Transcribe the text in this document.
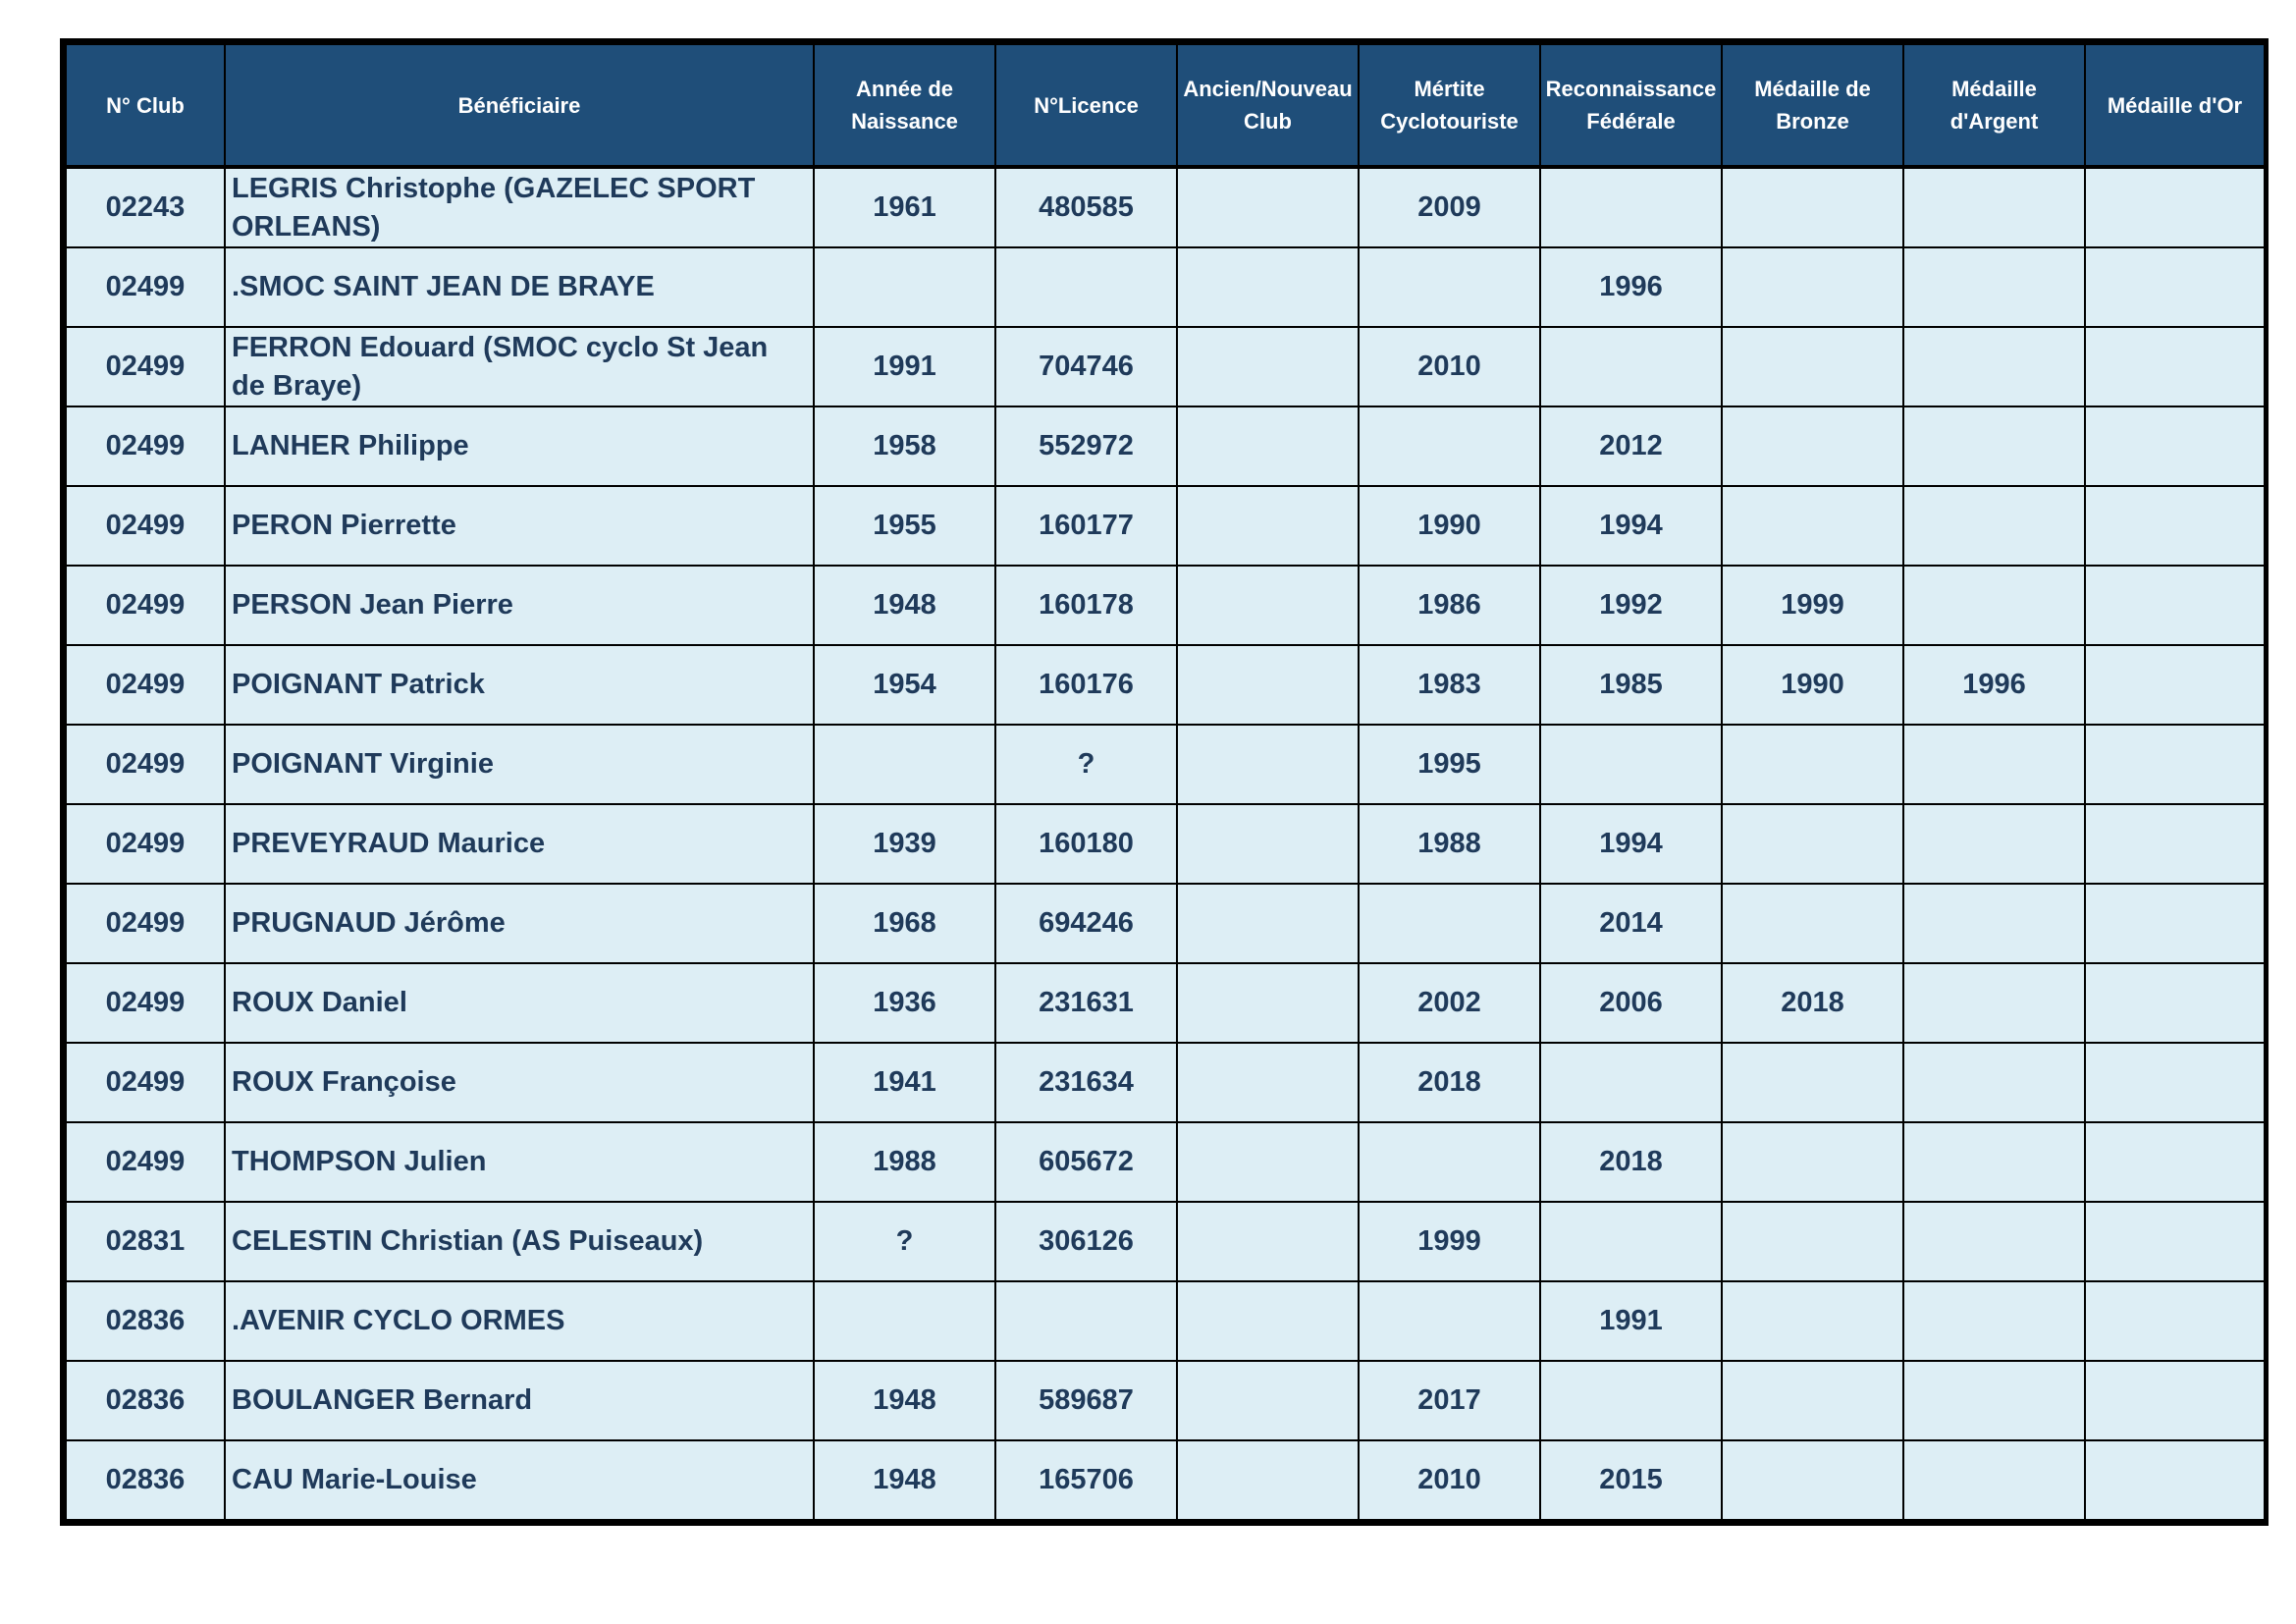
N° Club	Bénéficiaire	Année de Naissance	N°Licence	Ancien/Nouveau Club	Mértite Cyclotouriste	Reconnaissance Fédérale	Médaille de Bronze	Médaille d'Argent	Médaille d'Or
02243	LEGRIS Christophe (GAZELEC SPORT ORLEANS)	1961	480585		2009				
02499	.SMOC SAINT JEAN DE BRAYE					1996			
02499	FERRON Edouard (SMOC cyclo St Jean de Braye)	1991	704746		2010				
02499	LANHER Philippe	1958	552972			2012			
02499	PERON Pierrette	1955	160177		1990	1994			
02499	PERSON Jean Pierre	1948	160178		1986	1992	1999		
02499	POIGNANT Patrick	1954	160176		1983	1985	1990	1996	
02499	POIGNANT Virginie		?		1995				
02499	PREVEYRAUD Maurice	1939	160180		1988	1994			
02499	PRUGNAUD Jérôme	1968	694246			2014			
02499	ROUX Daniel	1936	231631		2002	2006	2018		
02499	ROUX Françoise	1941	231634		2018				
02499	THOMPSON Julien	1988	605672			2018			
02831	CELESTIN Christian (AS Puiseaux)	?	306126		1999				
02836	.AVENIR CYCLO ORMES					1991			
02836	BOULANGER Bernard	1948	589687		2017				
02836	CAU Marie-Louise	1948	165706		2010	2015			
